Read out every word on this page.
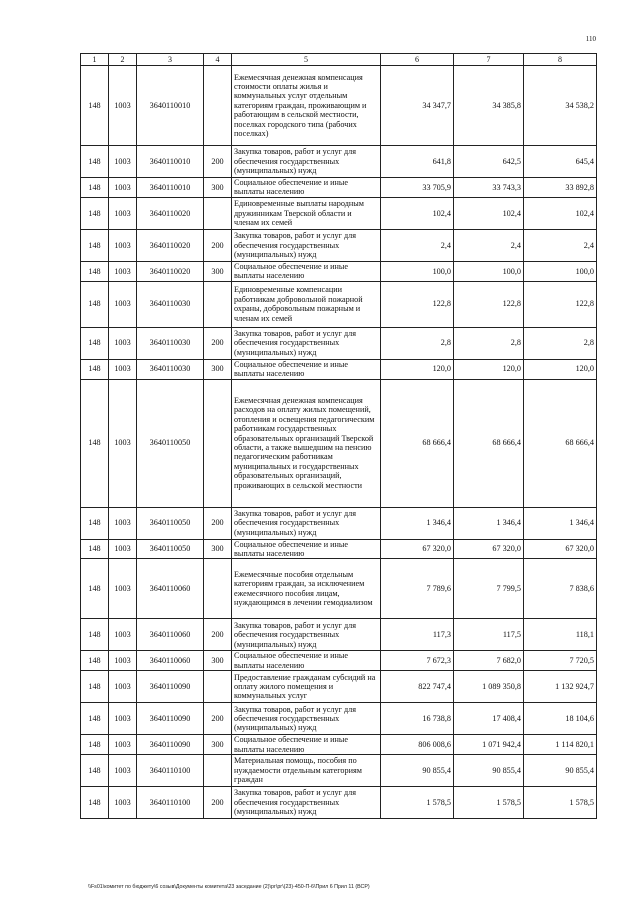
110
1	2	3	4	5	6	7	8
148	1003	3640110010		Ежемесячная денежная компенсация стоимости оплаты жилья и коммунальных услуг отдельным категориям граждан, проживающим и работающим в сельской местности, поселках городского типа (рабочих поселках)	34 347,7	34 385,8	34 538,2
148	1003	3640110010	200	Закупка товаров, работ и услуг для обеспечения государственных (муниципальных) нужд	641,8	642,5	645,4
148	1003	3640110010	300	Социальное обеспечение и иные выплаты населению	33 705,9	33 743,3	33 892,8
148	1003	3640110020		Единовременные выплаты народным дружинникам Тверской области и членам их семей	102,4	102,4	102,4
148	1003	3640110020	200	Закупка товаров, работ и услуг для обеспечения государственных (муниципальных) нужд	2,4	2,4	2,4
148	1003	3640110020	300	Социальное обеспечение и иные выплаты населению	100,0	100,0	100,0
148	1003	3640110030		Единовременные компенсации работникам добровольной пожарной охраны, добровольным пожарным и членам их семей	122,8	122,8	122,8
148	1003	3640110030	200	Закупка товаров, работ и услуг для обеспечения государственных (муниципальных) нужд	2,8	2,8	2,8
148	1003	3640110030	300	Социальное обеспечение и иные выплаты населению	120,0	120,0	120,0
148	1003	3640110050		Ежемесячная денежная компенсация расходов на оплату жилых помещений, отопления и освещения педагогическим работникам государственных образовательных организаций Тверской области, а также вышедшим на пенсию педагогическим работникам муниципальных и государственных образовательных организаций, проживающих в сельской местности	68 666,4	68 666,4	68 666,4
148	1003	3640110050	200	Закупка товаров, работ и услуг для обеспечения государственных (муниципальных) нужд	1 346,4	1 346,4	1 346,4
148	1003	3640110050	300	Социальное обеспечение и иные выплаты населению	67 320,0	67 320,0	67 320,0
148	1003	3640110060		Ежемесячные пособия отдельным категориям граждан, за исключением ежемесячного пособия лицам, нуждающимся в лечении гемодиализом	7 789,6	7 799,5	7 838,6
148	1003	3640110060	200	Закупка товаров, работ и услуг для обеспечения государственных (муниципальных) нужд	117,3	117,5	118,1
148	1003	3640110060	300	Социальное обеспечение и иные выплаты населению	7 672,3	7 682,0	7 720,5
148	1003	3640110090		Предоставление гражданам субсидий на оплату жилого помещения и коммунальных услуг	822 747,4	1 089 350,8	1 132 924,7
148	1003	3640110090	200	Закупка товаров, работ и услуг для обеспечения государственных (муниципальных) нужд	16 738,8	17 408,4	18 104,6
148	1003	3640110090	300	Социальное обеспечение и иные выплаты населению	806 008,6	1 071 942,4	1 114 820,1
148	1003	3640110100		Материальная помощь, пособия по нуждаемости отдельным категориям граждан	90 855,4	90 855,4	90 855,4
148	1003	3640110100	200	Закупка товаров, работ и услуг для обеспечения государственных (муниципальных) нужд	1 578,5	1 578,5	1 578,5
\\Fs01\комитет по бюджету\6 созыв\Документы комитета\23 заседание (2)\рг\рг\(23)-450-П-6\Прил 6 Прил 11 (ВСР)
